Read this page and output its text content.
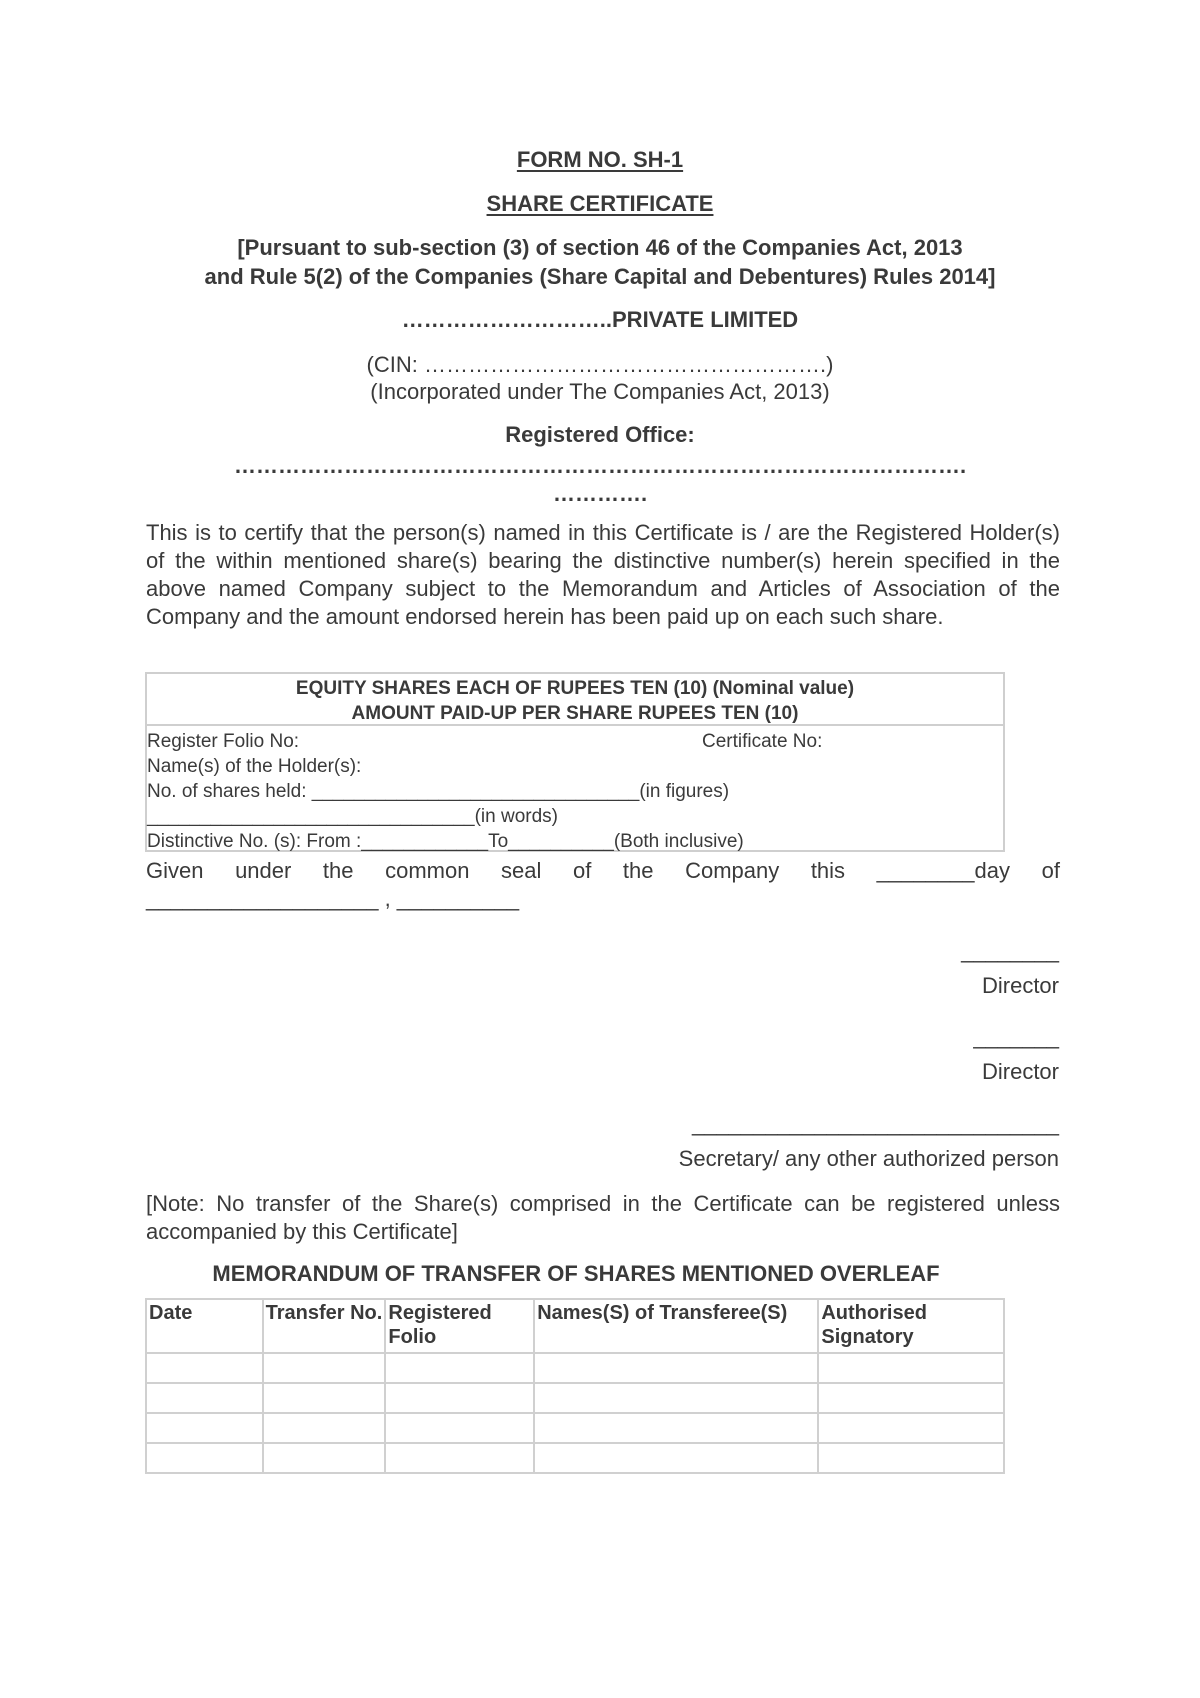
FORM NO. SH-1
SHARE CERTIFICATE
[Pursuant to sub-section (3) of section 46 of the Companies Act, 2013
and Rule 5(2) of the Companies (Share Capital and Debentures) Rules 2014]
………………………..PRIVATE LIMITED
(CIN: ……………………………………………….)
(Incorporated under The Companies Act, 2013)
Registered Office:
……………………………………………………………………………………….
………….
This is to certify that the person(s) named in this Certificate is / are the Registered Holder(s) of the within mentioned share(s) bearing the distinctive number(s) herein specified in the above named Company subject to the Memorandum and Articles of Association of the Company and the amount endorsed herein has been paid up on each such share.
EQUITY SHARES EACH OF RUPEES TEN (10) (Nominal value)
AMOUNT PAID-UP PER SHARE RUPEES TEN (10)
Register Folio No:	Certificate No:
Name(s) of the Holder(s):
No. of shares held: _______________________________(in figures)
_______________________________(in words)
Distinctive No. (s): From :____________To__________(Both inclusive)
Given under the common seal of the Company this ________day of
___________________ , __________
________
Director
_______
Director
______________________________
Secretary/ any other authorized person
[Note: No transfer of the Share(s) comprised in the Certificate can be registered unless accompanied by this Certificate]
MEMORANDUM OF TRANSFER OF SHARES MENTIONED OVERLEAF
Date	Transfer No.	Registered Folio	Names(S) of Transferee(S)	Authorised Signatory
